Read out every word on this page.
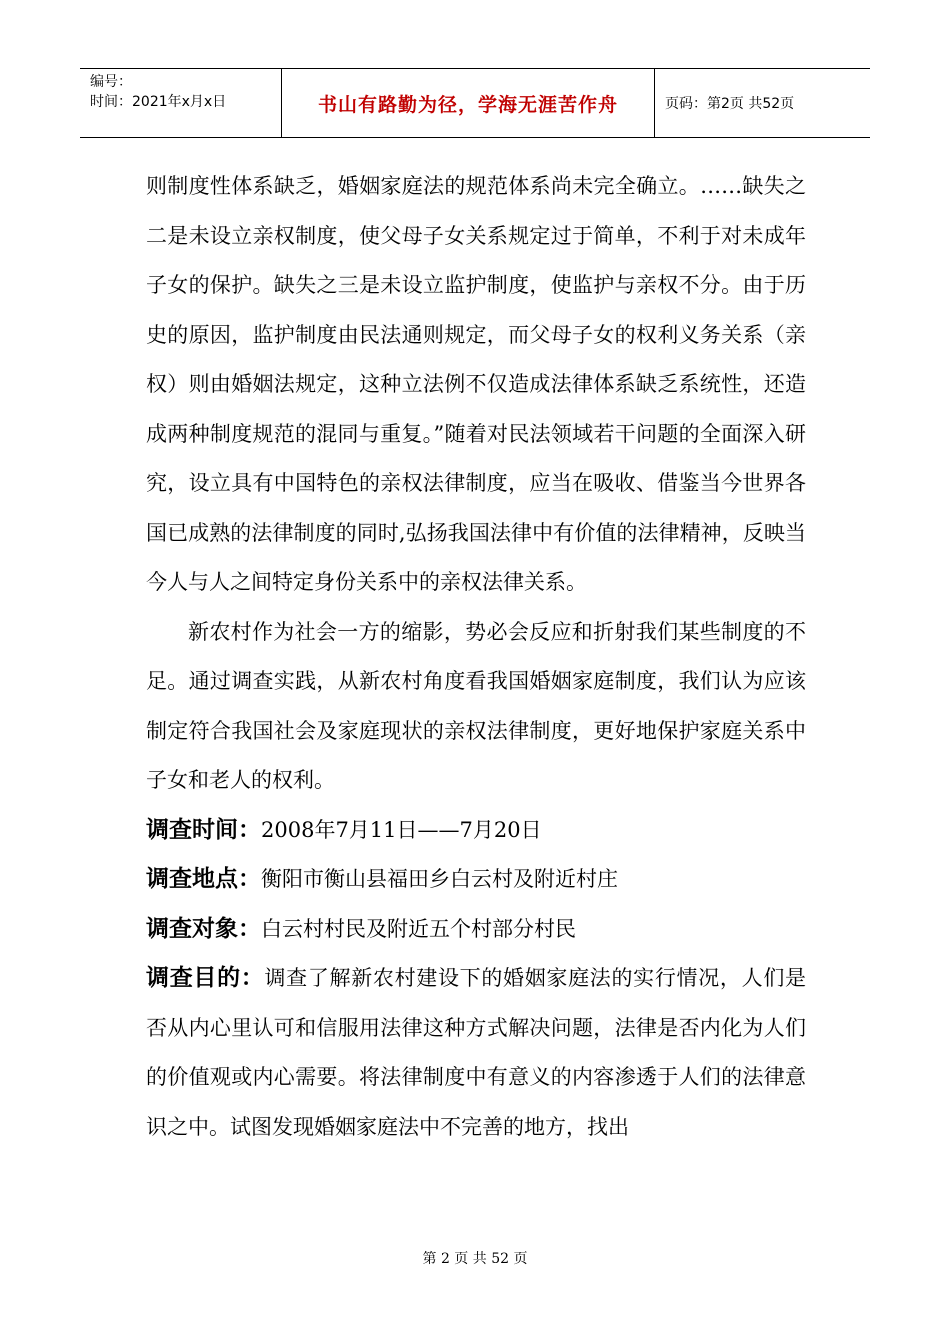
编号：
时间：2021年x月x日	书山有路勤为径，学海无涯苦作舟	页码：第2页 共52页

则制度性体系缺乏，婚姻家庭法的规范体系尚未完全确立。……缺失之二是未设立亲权制度，使父母子女关系规定过于简单，不利于对未成年子女的保护。缺失之三是未设立监护制度，使监护与亲权不分。由于历史的原因，监护制度由民法通则规定，而父母子女的权利义务关系（亲权）则由婚姻法规定，这种立法例不仅造成法律体系缺乏系统性，还造成两种制度规范的混同与重复。”随着对民法领域若干问题的全面深入研究，设立具有中国特色的亲权法律制度，应当在吸收、借鉴当今世界各国已成熟的法律制度的同时,弘扬我国法律中有价值的法律精神，反映当今人与人之间特定身份关系中的亲权法律关系。

新农村作为社会一方的缩影，势必会反应和折射我们某些制度的不足。通过调查实践，从新农村角度看我国婚姻家庭制度，我们认为应该制定符合我国社会及家庭现状的亲权法律制度，更好地保护家庭关系中子女和老人的权利。

调查时间：2008年7月11日——7月20日

调查地点：衡阳市衡山县福田乡白云村及附近村庄

调查对象：白云村村民及附近五个村部分村民

调查目的：调查了解新农村建设下的婚姻家庭法的实行情况，人们是否从内心里认可和信服用法律这种方式解决问题，法律是否内化为人们的价值观或内心需要。将法律制度中有意义的内容渗透于人们的法律意识之中。试图发现婚姻家庭法中不完善的地方，找出

第 2 页 共 52 页
